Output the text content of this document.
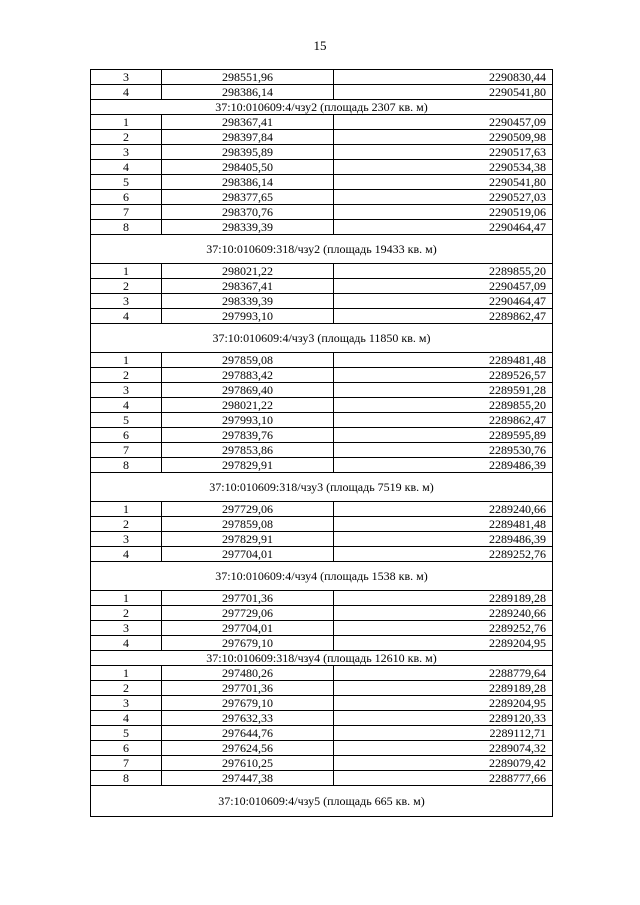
15
3	298551,96	2290830,44
4	298386,14	2290541,80
37:10:010609:4/чзу2 (площадь 2307 кв. м)		
1	298367,41	2290457,09
2	298397,84	2290509,98
3	298395,89	2290517,63
4	298405,50	2290534,38
5	298386,14	2290541,80
6	298377,65	2290527,03
7	298370,76	2290519,06
8	298339,39	2290464,47
37:10:010609:318/чзу2 (площадь 19433 кв. м)		
1	298021,22	2289855,20
2	298367,41	2290457,09
3	298339,39	2290464,47
4	297993,10	2289862,47
37:10:010609:4/чзу3 (площадь 11850 кв. м)		
1	297859,08	2289481,48
2	297883,42	2289526,57
3	297869,40	2289591,28
4	298021,22	2289855,20
5	297993,10	2289862,47
6	297839,76	2289595,89
7	297853,86	2289530,76
8	297829,91	2289486,39
37:10:010609:318/чзу3 (площадь 7519 кв. м)		
1	297729,06	2289240,66
2	297859,08	2289481,48
3	297829,91	2289486,39
4	297704,01	2289252,76
37:10:010609:4/чзу4 (площадь 1538 кв. м)		
1	297701,36	2289189,28
2	297729,06	2289240,66
3	297704,01	2289252,76
4	297679,10	2289204,95
37:10:010609:318/чзу4 (площадь 12610 кв. м)		
1	297480,26	2288779,64
2	297701,36	2289189,28
3	297679,10	2289204,95
4	297632,33	2289120,33
5	297644,76	2289112,71
6	297624,56	2289074,32
7	297610,25	2289079,42
8	297447,38	2288777,66
37:10:010609:4/чзу5 (площадь 665 кв. м)		
